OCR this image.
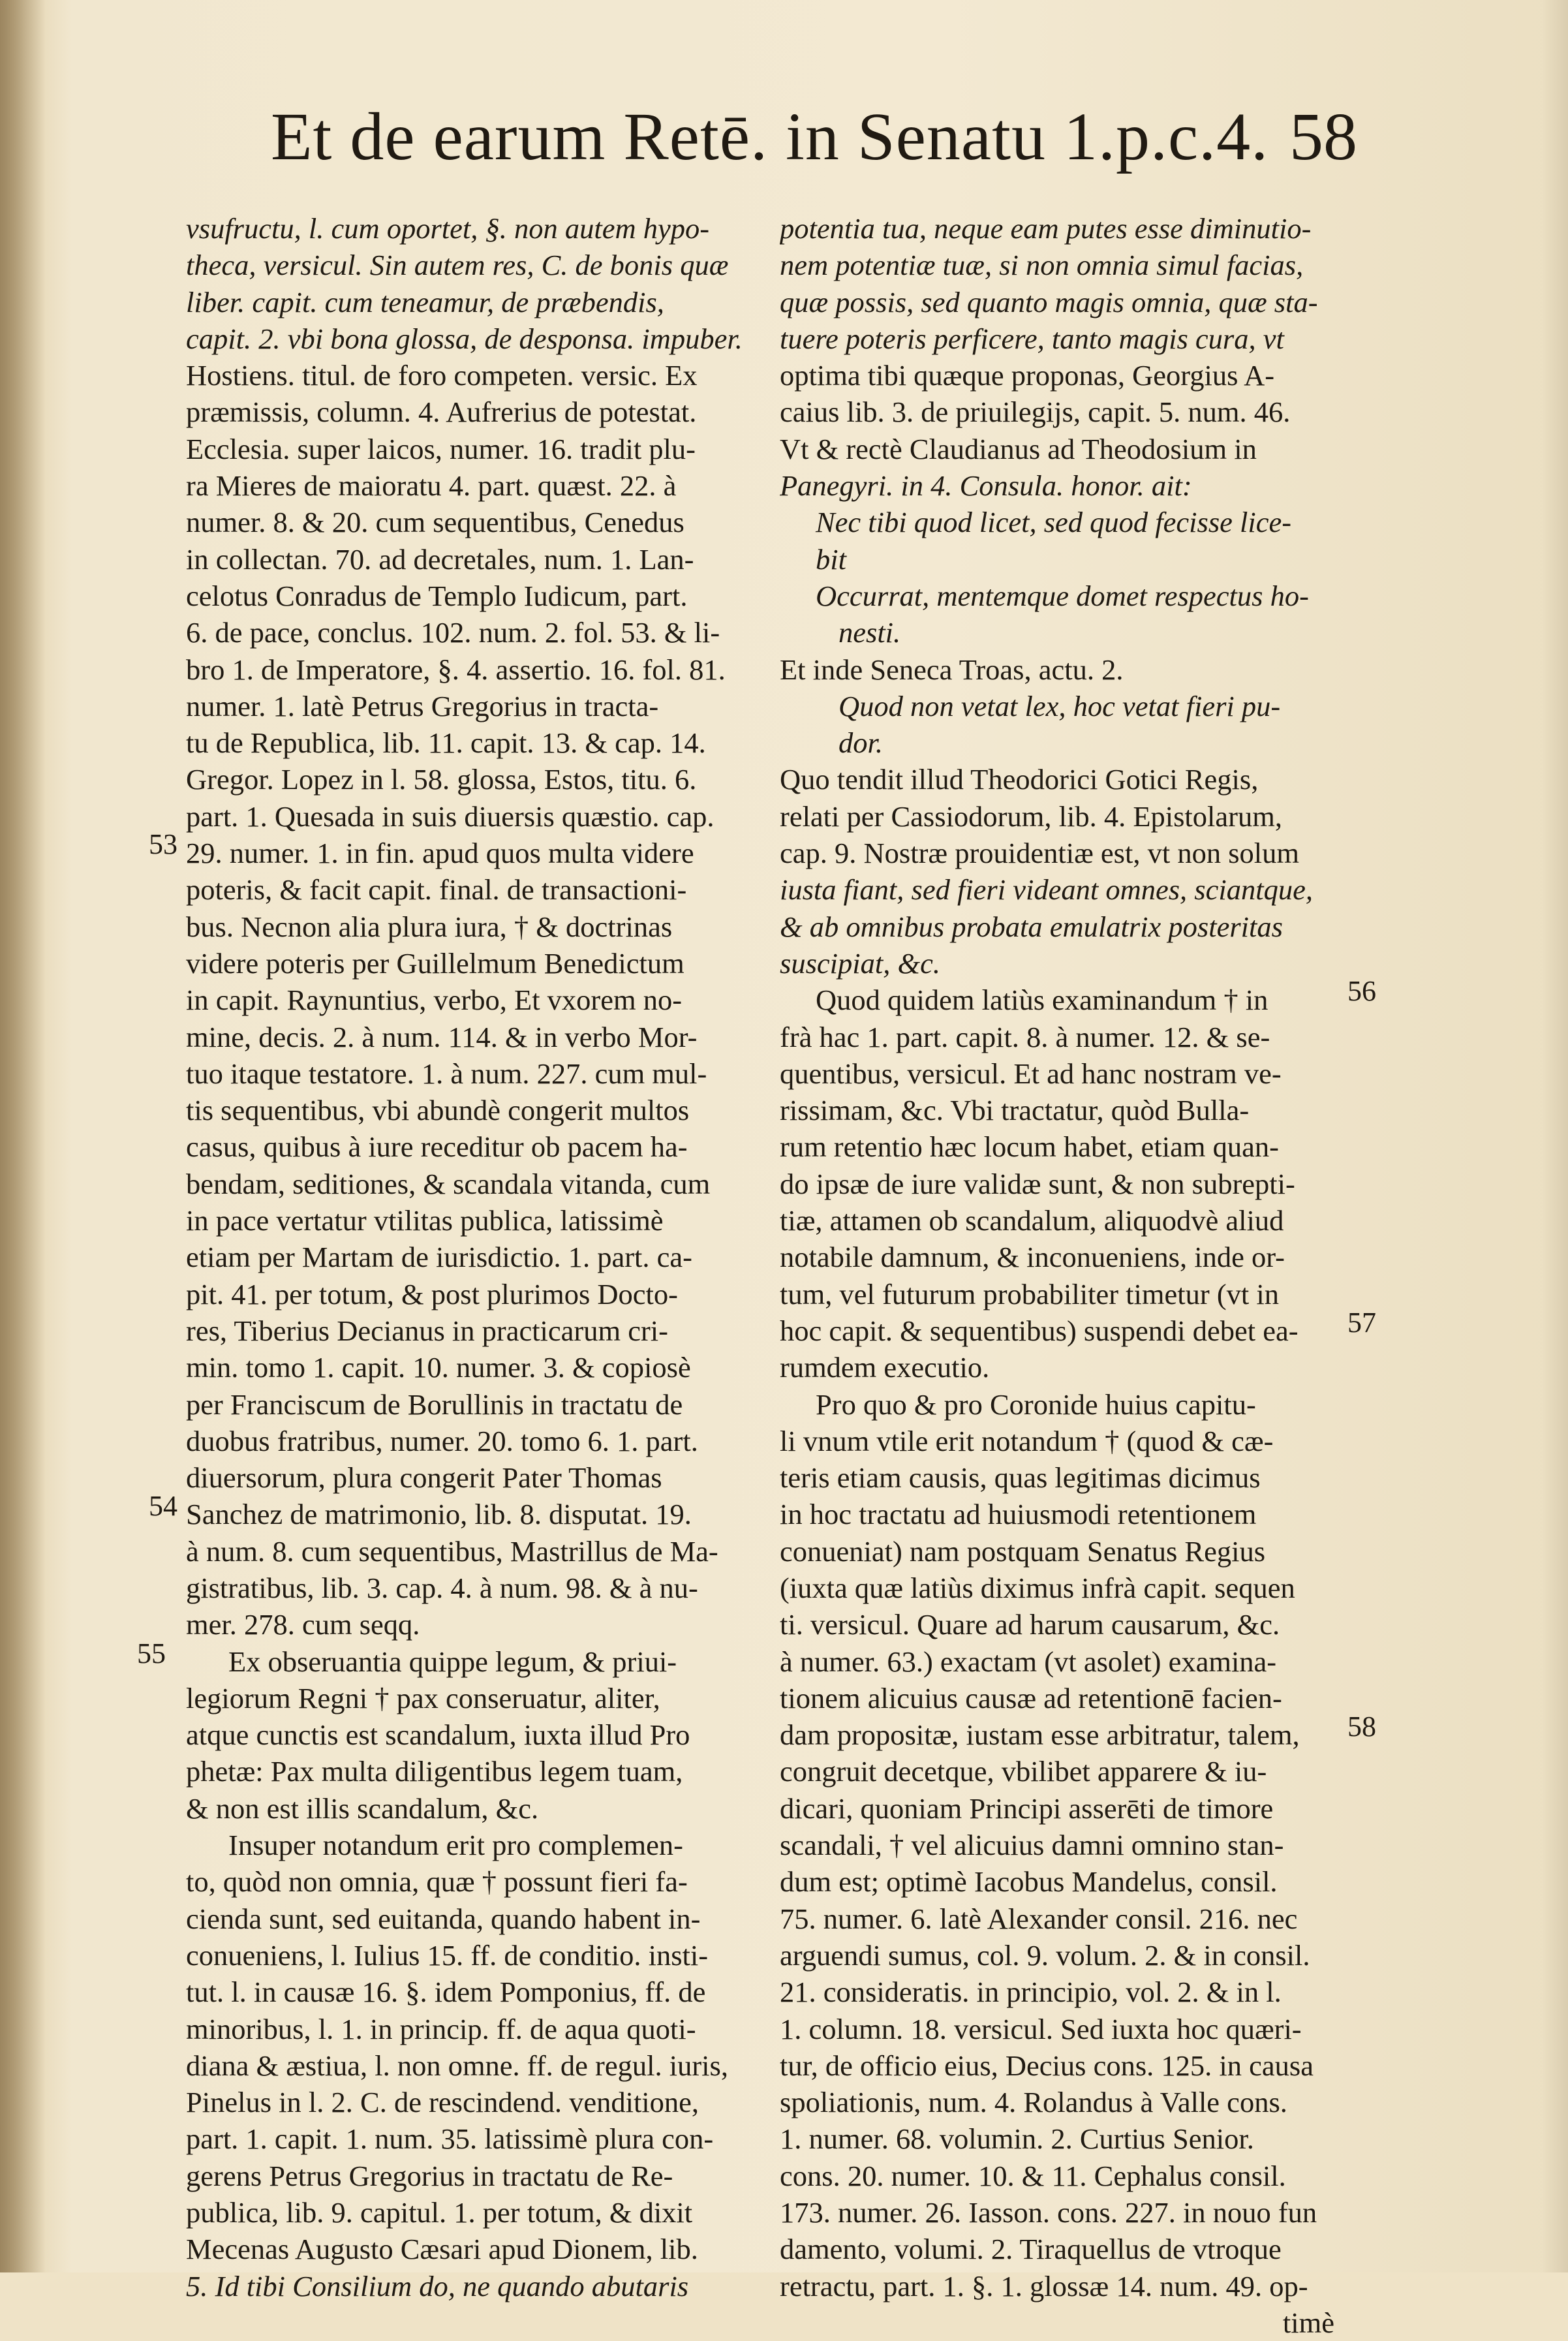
Et de earum Retē. in Senatu 1.p.c.4. 58
vsufructu, l. cum oportet, §. non autem hypo-
theca, versicul. Sin autem res, C. de bonis quæ
liber. capit. cum teneamur, de præbendis,
capit. 2. vbi bona glossa, de desponsa. impuber.
Hostiens. titul. de foro competen. versic. Ex
præmissis, column. 4. Aufrerius de potestat.
Ecclesia. super laicos, numer. 16. tradit plu-
ra Mieres de maioratu 4. part. quæst. 22. à
numer. 8. & 20. cum sequentibus, Cenedus
in collectan. 70. ad decretales, num. 1. Lan-
celotus Conradus de Templo Iudicum, part.
6. de pace, conclus. 102. num. 2. fol. 53. & li-
bro 1. de Imperatore, §. 4. assertio. 16. fol. 81.
numer. 1. latè Petrus Gregorius in tracta-
tu de Republica, lib. 11. capit. 13. & cap. 14.
Gregor. Lopez in l. 58. glossa, Estos, titu. 6.
part. 1. Quesada in suis diuersis quæstio. cap.
29. numer. 1. in fin. apud quos multa videre
poteris, & facit capit. final. de transactioni-
bus. Necnon alia plura iura, † & doctrinas
videre poteris per Guillelmum Benedictum
in capit. Raynuntius, verbo, Et vxorem no-
mine, decis. 2. à num. 114. & in verbo Mor-
tuo itaque testatore. 1. à num. 227. cum mul-
tis sequentibus, vbi abundè congerit multos
casus, quibus à iure receditur ob pacem ha-
bendam, seditiones, & scandala vitanda, cum
in pace vertatur vtilitas publica, latissimè
etiam per Martam de iurisdictio. 1. part. ca-
pit. 41. per totum, & post plurimos Docto-
res, Tiberius Decianus in practicarum cri-
min. tomo 1. capit. 10. numer. 3. & copiosè
per Franciscum de Borullinis in tractatu de
duobus fratribus, numer. 20. tomo 6. 1. part.
diuersorum, plura congerit Pater Thomas
Sanchez de matrimonio, lib. 8. disputat. 19.
à num. 8. cum sequentibus, Mastrillus de Ma-
gistratibus, lib. 3. cap. 4. à num. 98. & à nu-
mer. 278. cum seqq.
Ex obseruantia quippe legum, & priui-
legiorum Regni † pax conseruatur, aliter,
atque cunctis est scandalum, iuxta illud Pro
phetæ: Pax multa diligentibus legem tuam,
& non est illis scandalum, &c.
Insuper notandum erit pro complemen-
to, quòd non omnia, quæ † possunt fieri fa-
cienda sunt, sed euitanda, quando habent in-
conueniens, l. Iulius 15. ff. de conditio. insti-
tut. l. in causæ 16. §. idem Pomponius, ff. de
minoribus, l. 1. in princip. ff. de aqua quoti-
diana & æstiua, l. non omne. ff. de regul. iuris,
Pinelus in l. 2. C. de rescindend. venditione,
part. 1. capit. 1. num. 35. latissimè plura con-
gerens Petrus Gregorius in tractatu de Re-
publica, lib. 9. capitul. 1. per totum, & dixit
Mecenas Augusto Cæsari apud Dionem, lib.
5. Id tibi Consilium do, ne quando abutaris
potentia tua, neque eam putes esse diminutio-
nem potentiæ tuæ, si non omnia simul facias,
quæ possis, sed quanto magis omnia, quæ sta-
tuere poteris perficere, tanto magis cura, vt
optima tibi quæque proponas, Georgius A-
caius lib. 3. de priuilegijs, capit. 5. num. 46.
Vt & rectè Claudianus ad Theodosium in
Panegyri. in 4. Consula. honor. ait:
Nec tibi quod licet, sed quod fecisse lice-
bit
Occurrat, mentemque domet respectus ho-
nesti.
Et inde Seneca Troas, actu. 2.
Quod non vetat lex, hoc vetat fieri pu-
dor.
Quo tendit illud Theodorici Gotici Regis,
relati per Cassiodorum, lib. 4. Epistolarum,
cap. 9. Nostræ prouidentiæ est, vt non solum
iusta fiant, sed fieri videant omnes, sciantque,
& ab omnibus probata emulatrix posteritas
suscipiat, &c.
Quod quidem latiùs examinandum † in
frà hac 1. part. capit. 8. à numer. 12. & se-
quentibus, versicul. Et ad hanc nostram ve-
rissimam, &c. Vbi tractatur, quòd Bulla-
rum retentio hæc locum habet, etiam quan-
do ipsæ de iure validæ sunt, & non subrepti-
tiæ, attamen ob scandalum, aliquodvè aliud
notabile damnum, & inconueniens, inde or-
tum, vel futurum probabiliter timetur (vt in
hoc capit. & sequentibus) suspendi debet ea-
rumdem executio.
Pro quo & pro Coronide huius capitu-
li vnum vtile erit notandum † (quod & cæ-
teris etiam causis, quas legitimas dicimus
in hoc tractatu ad huiusmodi retentionem
conueniat) nam postquam Senatus Regius
(iuxta quæ latiùs diximus infrà capit. sequen
ti. versicul. Quare ad harum causarum, &c.
à numer. 63.) exactam (vt asolet) examina-
tionem alicuius causæ ad retentionē facien-
dam propositæ, iustam esse arbitratur, talem,
congruit decetque, vbilibet apparere & iu-
dicari, quoniam Principi asserēti de timore
scandali, † vel alicuius damni omnino stan-
dum est; optimè Iacobus Mandelus, consil.
75. numer. 6. latè Alexander consil. 216. nec
arguendi sumus, col. 9. volum. 2. & in consil.
21. consideratis. in principio, vol. 2. & in l.
1. column. 18. versicul. Sed iuxta hoc quæri-
tur, de officio eius, Decius cons. 125. in causa
spoliationis, num. 4. Rolandus à Valle cons.
1. numer. 68. volumin. 2. Curtius Senior.
cons. 20. numer. 10. & 11. Cephalus consil.
173. numer. 26. Iasson. cons. 227. in nouo fun
damento, volumi. 2. Tiraquellus de vtroque
retractu, part. 1. §. 1. glossæ 14. num. 49. op-
timè
53
54
55
56
57
58
